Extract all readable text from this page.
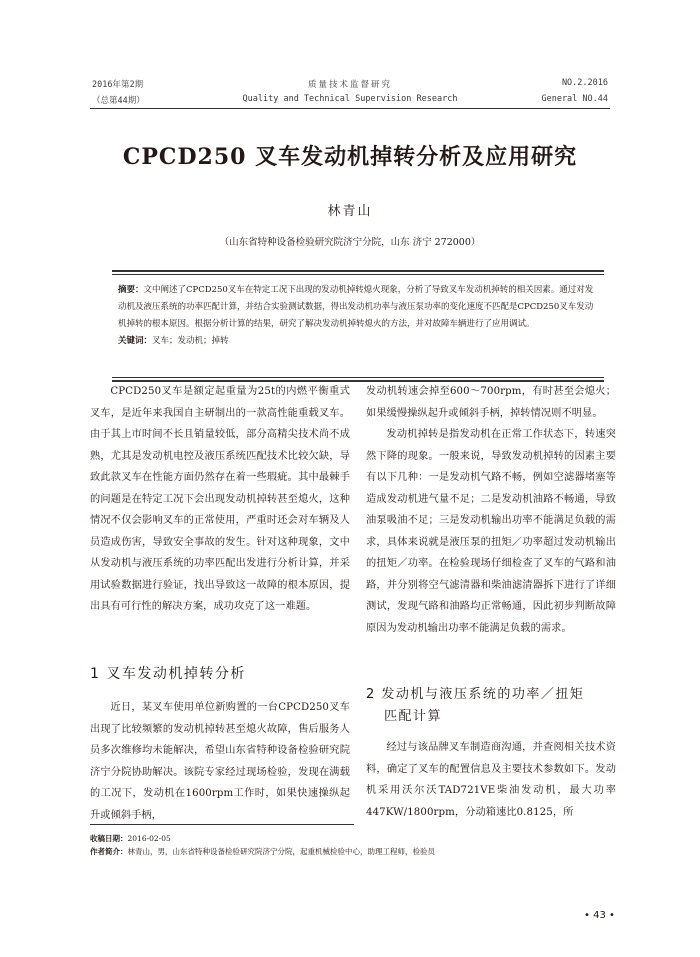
2016年第2期
（总第44期）
质量技术监督研究
Quality and Technical Supervision Research
NO.2.2016
General NO.44
CPCD250 叉车发动机掉转分析及应用研究
林青山
（山东省特种设备检验研究院济宁分院，山东 济宁 272000）
摘要：文中阐述了CPCD250叉车在特定工况下出现的发动机掉转熄火现象，分析了导致叉车发动机掉转的相关因素。通过对发动机及液压系统的功率匹配计算，并结合实验测试数据，得出发动机功率与液压泵功率的变化速度不匹配是CPCD250叉车发动机掉转的根本原因。根据分析计算的结果，研究了解决发动机掉转熄火的方法，并对故障车辆进行了应用调试。
关键词：叉车；发动机；掉转

CPCD250叉车是额定起重量为25t的内燃平衡重式叉车，是近年来我国自主研制出的一款高性能重载叉车。由于其上市时间不长且销量较低，部分高精尖技术尚不成熟，尤其是发动机电控及液压系统匹配技术比较欠缺，导致此款叉车在性能方面仍然存在着一些瑕疵。其中最棘手的问题是在特定工况下会出现发动机掉转甚至熄火，这种情况不仅会影响叉车的正常使用，严重时还会对车辆及人员造成伤害，导致安全事故的发生。针对这种现象，文中从发动机与液压系统的功率匹配出发进行分析计算，并采用试验数据进行验证，找出导致这一故障的根本原因，提出具有可行性的解决方案，成功攻克了这一难题。

1 叉车发动机掉转分析

近日，某叉车使用单位新购置的一台CPCD250叉车出现了比较频繁的发动机掉转甚至熄火故障，售后服务人员多次维修均未能解决，希望山东省特种设备检验研究院济宁分院协助解决。该院专家经过现场检验，发现在满载的工况下，发动机在1600rpm工作时，如果快速操纵起升或倾斜手柄，

发动机转速会掉至600～700rpm，有时甚至会熄火；如果缓慢操纵起升或倾斜手柄，掉转情况则不明显。

发动机掉转是指发动机在正常工作状态下，转速突然下降的现象。一般来说，导致发动机掉转的因素主要有以下几种：一是发动机气路不畅，例如空滤器堵塞等造成发动机进气量不足；二是发动机油路不畅通，导致油泵吸油不足；三是发动机输出功率不能满足负载的需求，具体来说就是液压泵的扭矩／功率超过发动机输出的扭矩／功率。在检验现场仔细检查了叉车的气路和油路，并分别将空气滤清器和柴油滤清器拆下进行了详细测试，发现气路和油路均正常畅通，因此初步判断故障原因为发动机输出功率不能满足负载的需求。

2 发动机与液压系统的功率／扭矩
匹配计算

经过与该品牌叉车制造商沟通，并查阅相关技术资料，确定了叉车的配置信息及主要技术参数如下。发动机采用沃尔沃TAD721VE柴油发动机，最大功率447KW/1800rpm，分动箱速比0.8125，所

收稿日期：2016-02-05
作者简介：林青山，男，山东省特种设备检验研究院济宁分院，起重机械检验中心，助理工程师，检验员
• 43 •
